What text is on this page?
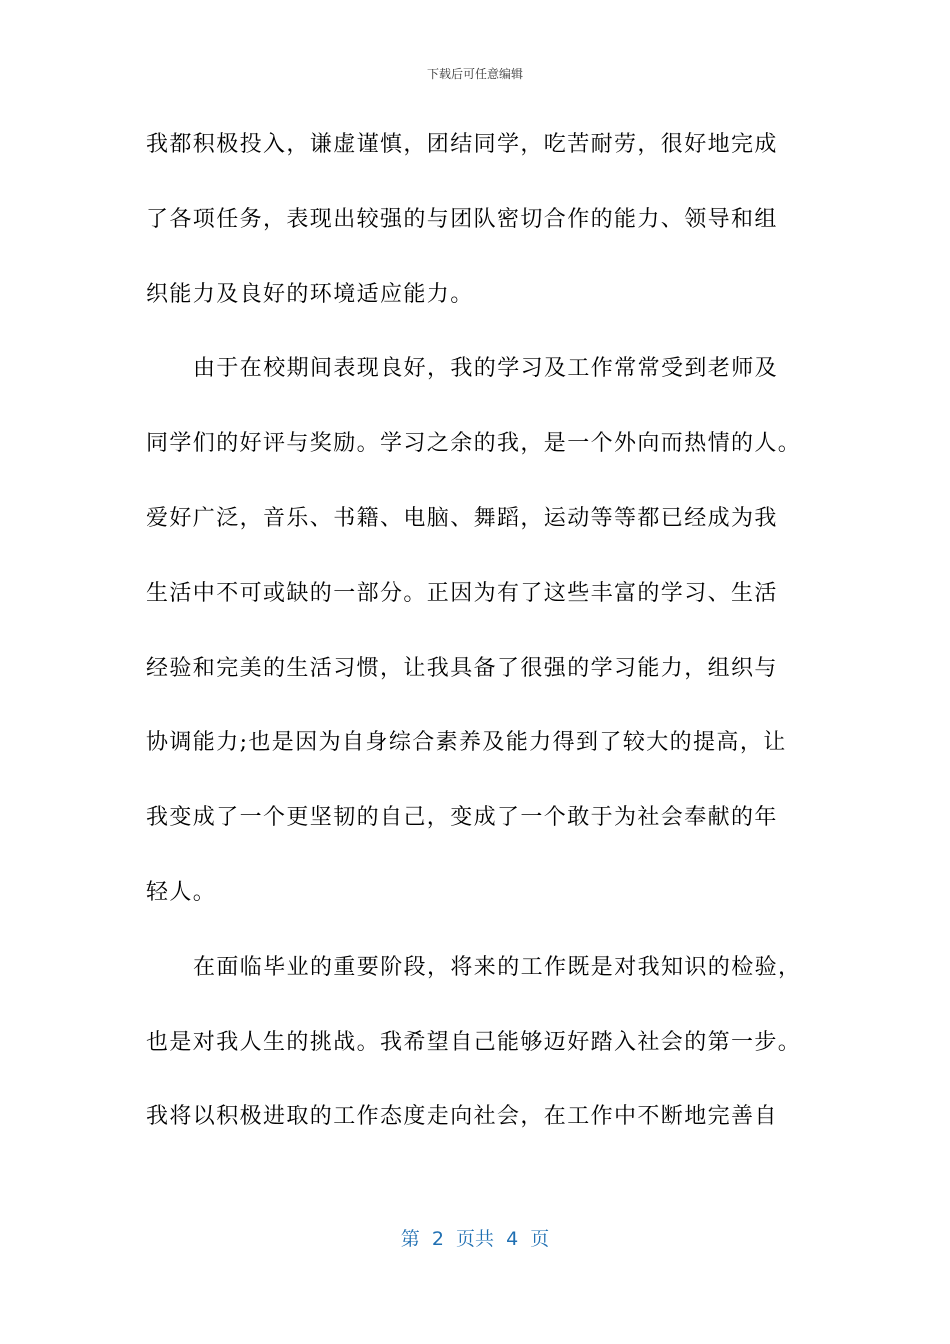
下载后可任意编辑
我都积极投入，谦虚谨慎，团结同学，吃苦耐劳，很好地完成
了各项任务，表现出较强的与团队密切合作的能力、领导和组
织能力及良好的环境适应能力。
由于在校期间表现良好，我的学习及工作常常受到老师及
同学们的好评与奖励。学习之余的我，是一个外向而热情的人。
爱好广泛，音乐、书籍、电脑、舞蹈，运动等等都已经成为我
生活中不可或缺的一部分。正因为有了这些丰富的学习、生活
经验和完美的生活习惯，让我具备了很强的学习能力，组织与
协调能力;也是因为自身综合素养及能力得到了较大的提高，让
我变成了一个更坚韧的自己，变成了一个敢于为社会奉献的年
轻人。
在面临毕业的重要阶段，将来的工作既是对我知识的检验，
也是对我人生的挑战。我希望自己能够迈好踏入社会的第一步。
我将以积极进取的工作态度走向社会，在工作中不断地完善自
第  2  页共  4  页
